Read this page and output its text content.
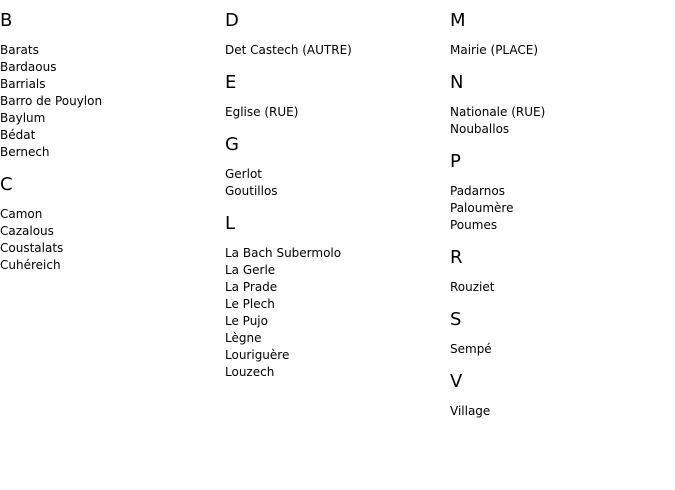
B
Barats
Bardaous
Barrials
Barro de Pouylon
Baylum
Bédat
Bernech
C
Camon
Cazalous
Coustalats
Cuhéreich
D
Det Castech (AUTRE)
E
Eglise (RUE)
G
Gerlot
Goutillos
L
La Bach Subermolo
La Gerle
La Prade
Le Plech
Le Pujo
Lègne
Louriguère
Louzech
M
Mairie (PLACE)
N
Nationale (RUE)
Nouballos
P
Padarnos
Paloumère
Poumes
R
Rouziet
S
Sempé
V
Village
